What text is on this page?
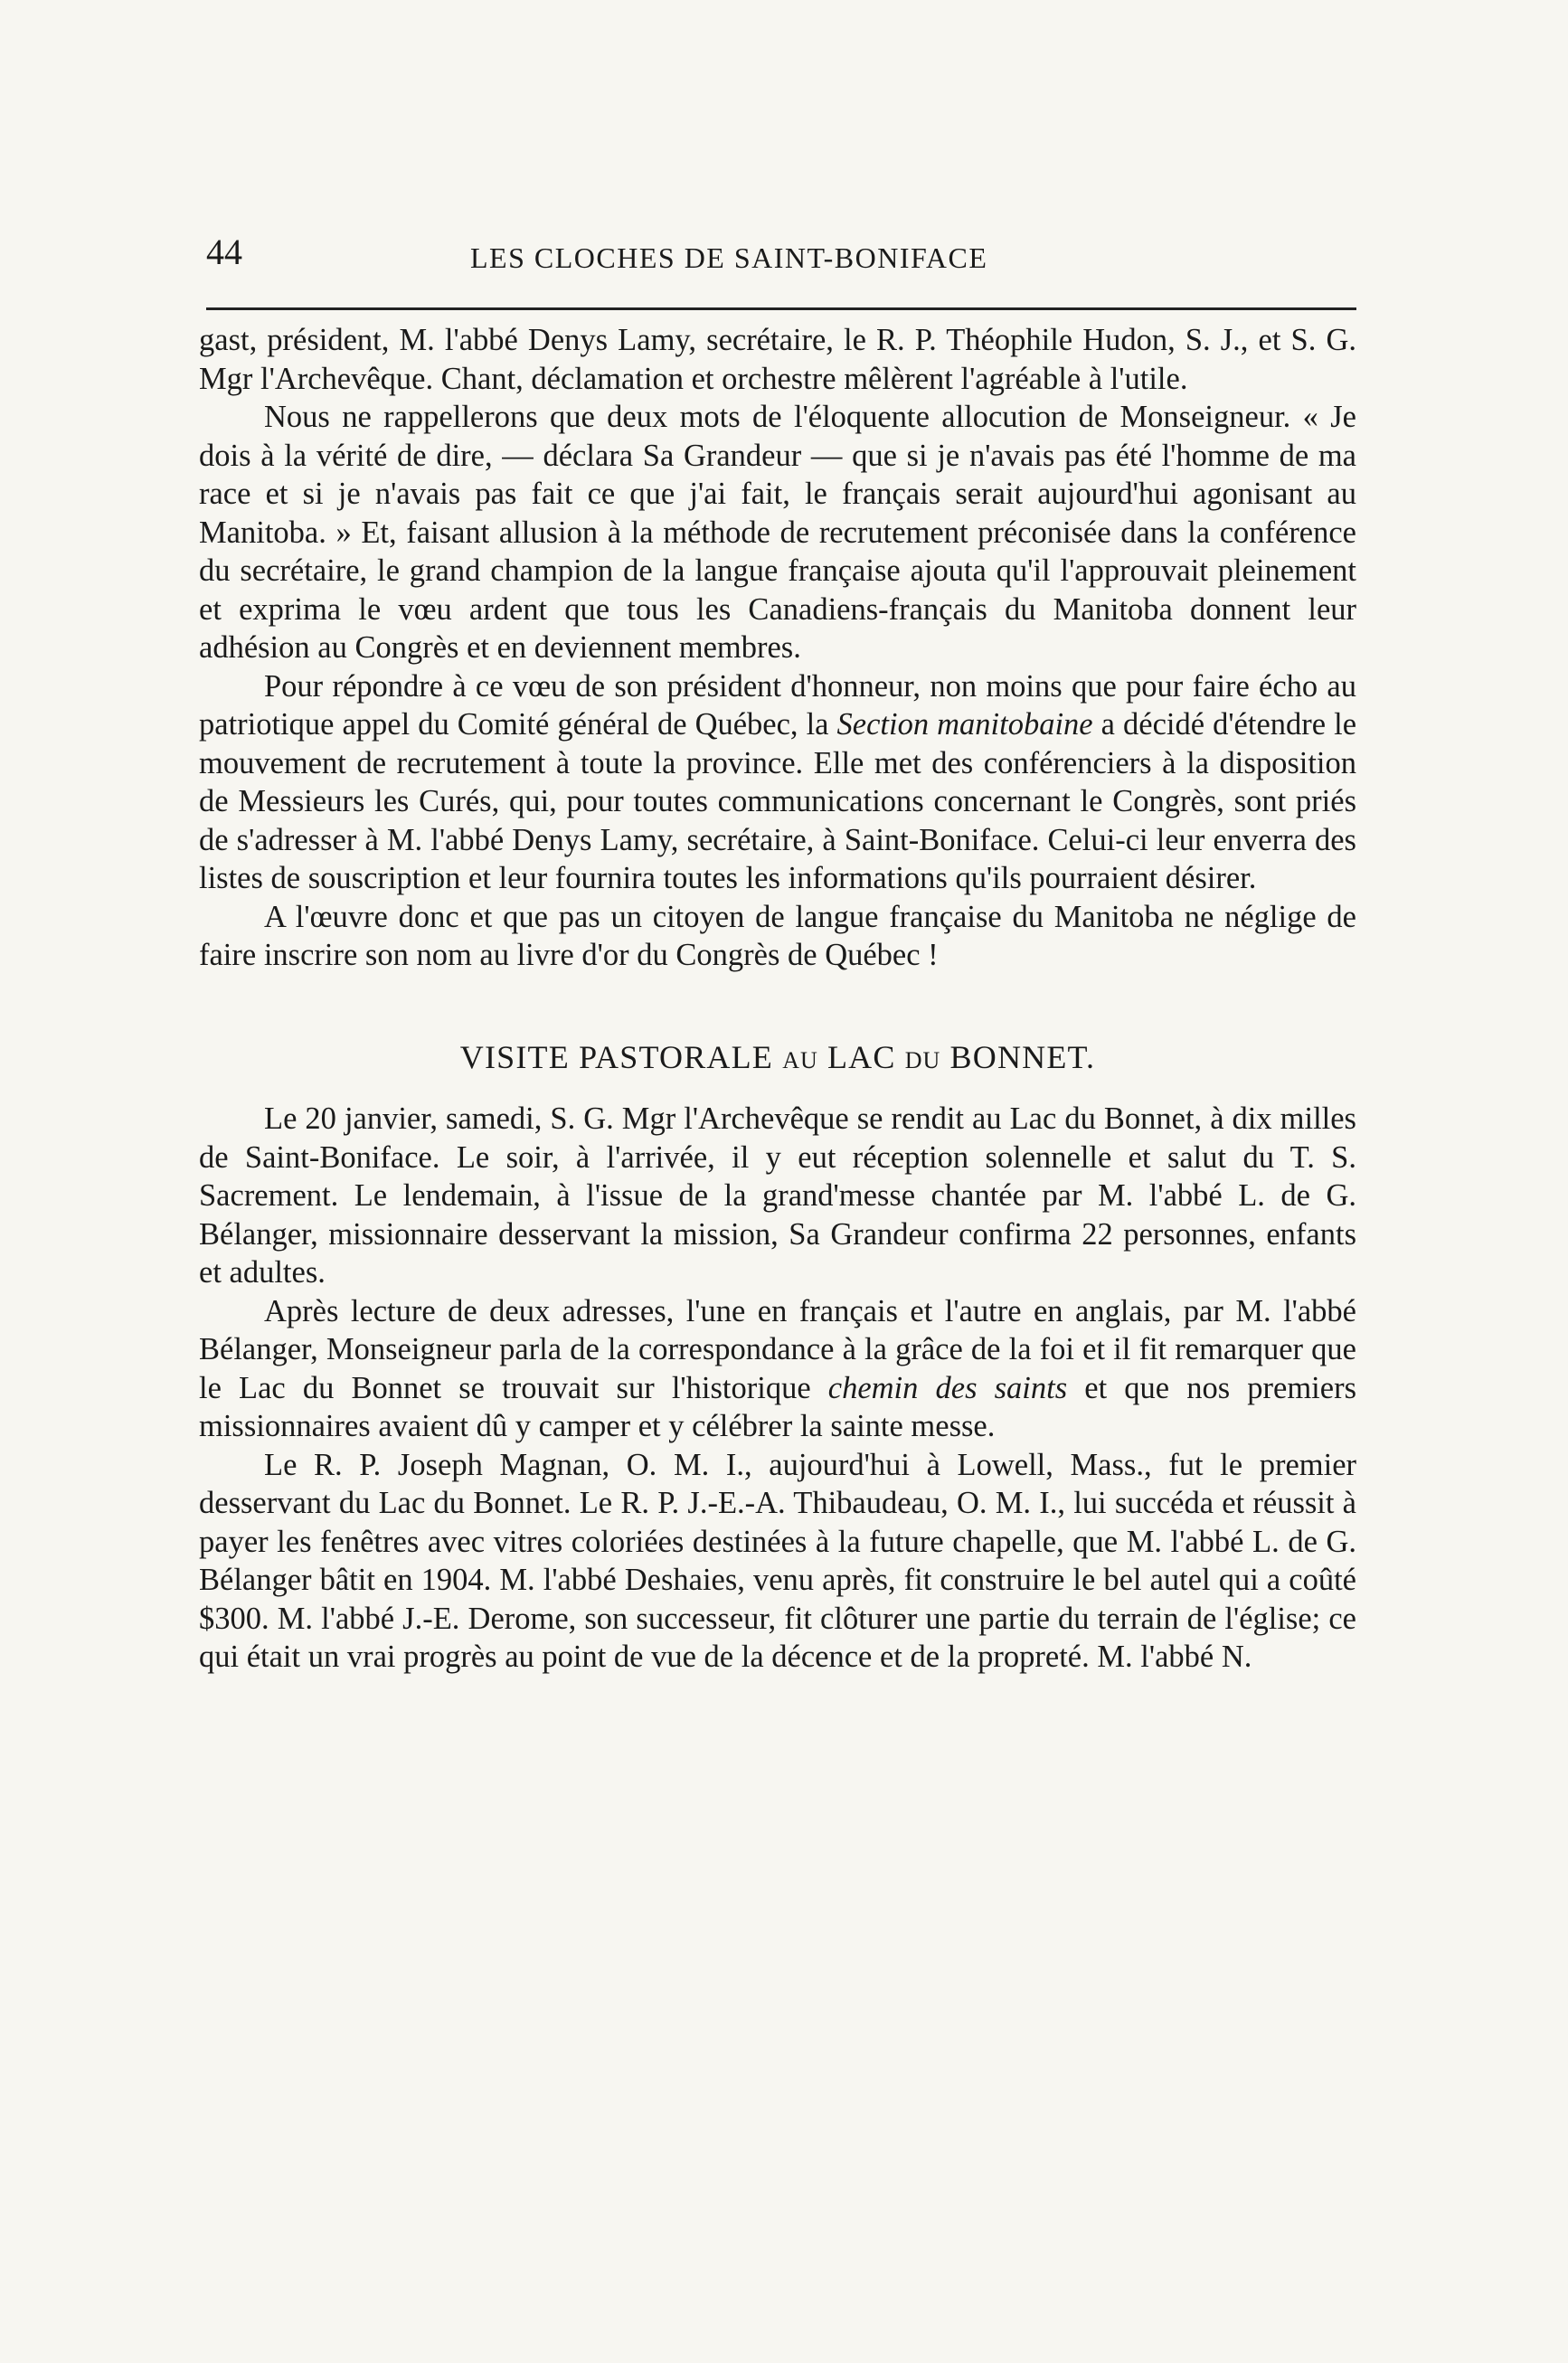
44	LES CLOCHES DE SAINT-BONIFACE

gast, président, M. l'abbé Denys Lamy, secrétaire, le R. P. Théophile Hudon, S. J., et S. G. Mgr l'Archevêque. Chant, déclamation et orchestre mêlèrent l'agréable à l'utile.

Nous ne rappellerons que deux mots de l'éloquente allocution de Monseigneur. « Je dois à la vérité de dire, — déclara Sa Grandeur — que si je n'avais pas été l'homme de ma race et si je n'avais pas fait ce que j'ai fait, le français serait aujourd'hui agonisant au Manitoba. » Et, faisant allusion à la méthode de recrutement préconisée dans la conférence du secrétaire, le grand champion de la langue française ajouta qu'il l'approuvait pleinement et exprima le vœu ardent que tous les Canadiens-français du Manitoba donnent leur adhésion au Congrès et en deviennent membres.

Pour répondre à ce vœu de son président d'honneur, non moins que pour faire écho au patriotique appel du Comité général de Québec, la Section manitobaine a décidé d'étendre le mouvement de recrutement à toute la province. Elle met des conférenciers à la disposition de Messieurs les Curés, qui, pour toutes communications concernant le Congrès, sont priés de s'adresser à M. l'abbé Denys Lamy, secrétaire, à Saint-Boniface. Celui-ci leur enverra des listes de souscription et leur fournira toutes les informations qu'ils pourraient désirer.

A l'œuvre donc et que pas un citoyen de langue française du Manitoba ne néglige de faire inscrire son nom au livre d'or du Congrès de Québec !

VISITE PASTORALE AU LAC DU BONNET.

Le 20 janvier, samedi, S. G. Mgr l'Archevêque se rendit au Lac du Bonnet, à dix milles de Saint-Boniface. Le soir, à l'arrivée, il y eut réception solennelle et salut du T. S. Sacrement. Le lendemain, à l'issue de la grand'messe chantée par M. l'abbé L. de G. Bélanger, missionnaire desservant la mission, Sa Grandeur confirma 22 personnes, enfants et adultes.

Après lecture de deux adresses, l'une en français et l'autre en anglais, par M. l'abbé Bélanger, Monseigneur parla de la correspondance à la grâce de la foi et il fit remarquer que le Lac du Bonnet se trouvait sur l'historique chemin des saints et que nos premiers missionnaires avaient dû y camper et y célébrer la sainte messe.

Le R. P. Joseph Magnan, O. M. I., aujourd'hui à Lowell, Mass., fut le premier desservant du Lac du Bonnet. Le R. P. J.-E.-A. Thibaudeau, O. M. I., lui succéda et réussit à payer les fenêtres avec vitres coloriées destinées à la future chapelle, que M. l'abbé L. de G. Bélanger bâtit en 1904. M. l'abbé Deshaies, venu après, fit construire le bel autel qui a coûté $300. M. l'abbé J.-E. Derome, son successeur, fit clôturer une partie du terrain de l'église; ce qui était un vrai progrès au point de vue de la décence et de la propreté. M. l'abbé N.
